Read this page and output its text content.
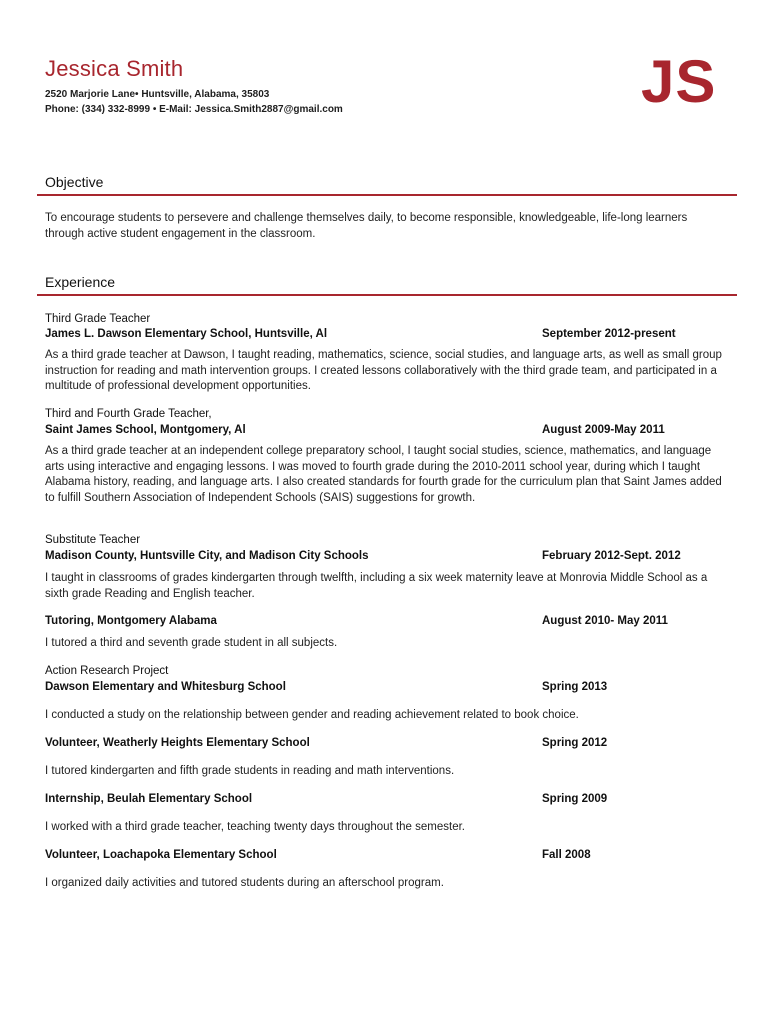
Jessica Smith
2520 Marjorie Lane• Huntsville, Alabama, 35803
Phone: (334) 332-8999 • E-Mail: Jessica.Smith2887@gmail.com	JS
Objective
To encourage students to persevere and challenge themselves daily, to become responsible, knowledgeable, life-long learners through active student engagement in the classroom.
Experience
Third Grade Teacher
James L. Dawson Elementary School, Huntsville, Al	September 2012-present
As a third grade teacher at Dawson, I taught reading, mathematics, science, social studies, and language arts, as well as small group instruction for reading and math intervention groups. I created lessons collaboratively with the third grade team, and participated in a multitude of professional development opportunities.
Third and Fourth Grade Teacher,
Saint James School, Montgomery, Al	August 2009-May 2011
As a third grade teacher at an independent college preparatory school, I taught social studies, science, mathematics, and language arts using interactive and engaging lessons. I was moved to fourth grade during the 2010-2011 school year, during which I taught Alabama history, reading, and language arts. I also created standards for fourth grade for the curriculum plan that Saint James added to fulfill Southern Association of Independent Schools (SAIS) suggestions for growth.
Substitute Teacher
Madison County, Huntsville City, and Madison City Schools	February 2012-Sept. 2012
I taught in classrooms of grades kindergarten through twelfth, including a six week maternity leave at Monrovia Middle School as a sixth grade Reading and English teacher.
Tutoring, Montgomery Alabama	August 2010- May 2011
I tutored a third and seventh grade student in all subjects.
Action Research Project
Dawson Elementary and Whitesburg School	Spring 2013
I conducted a study on the relationship between gender and reading achievement related to book choice.
Volunteer, Weatherly Heights Elementary School	Spring 2012
I tutored kindergarten and fifth grade students in reading and math interventions.
Internship, Beulah Elementary School	Spring 2009
I worked with a third grade teacher, teaching twenty days throughout the semester.
Volunteer, Loachapoka Elementary School	Fall 2008
I organized daily activities and tutored students during an afterschool program.
